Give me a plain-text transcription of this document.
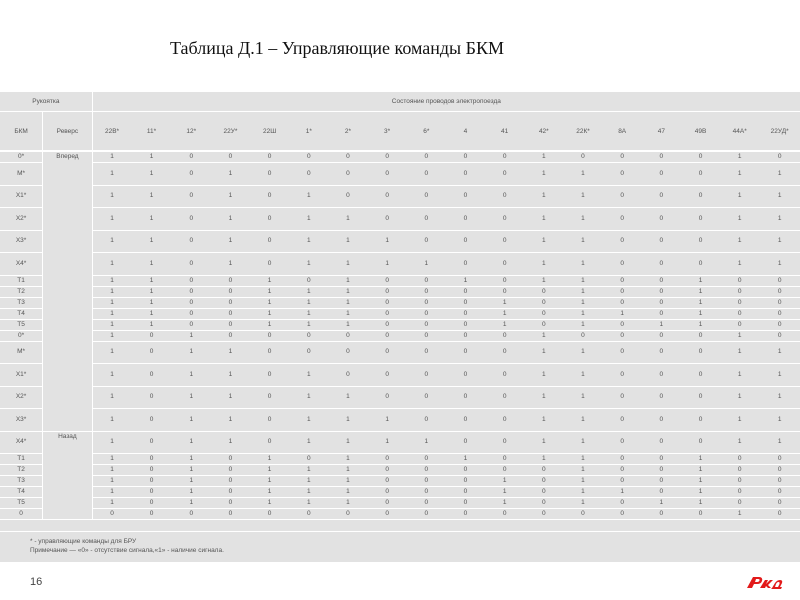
Таблица Д.1 – Управляющие команды БКМ
Рукоятка		Состояние проводов электропоезда																	
БКМ	Реверс	22В*	11*	12*	22У*	22Ш	1*	2*	3*	6*	4	41	42*	22К*	8А	47	49В	44А*	22УД*
0*	Вперед	1	1	0	0	0	0	0	0	0	0	0	1	0	0	0	0	1	0
М*		1	1	0	1	0	0	0	0	0	0	0	1	1	0	0	0	1	1
Х1*		1	1	0	1	0	1	0	0	0	0	0	1	1	0	0	0	1	1
Х2*		1	1	0	1	0	1	1	0	0	0	0	1	1	0	0	0	1	1
Х3*		1	1	0	1	0	1	1	1	0	0	0	1	1	0	0	0	1	1
Х4*		1	1	0	1	0	1	1	1	1	0	0	1	1	0	0	0	1	1
Т1		1	1	0	0	1	0	1	0	0	1	0	1	1	0	0	1	0	0
Т2		1	1	0	0	1	1	1	0	0	0	0	0	1	0	0	1	0	0
Т3		1	1	0	0	1	1	1	0	0	0	1	0	1	0	0	1	0	0
Т4		1	1	0	0	1	1	1	0	0	0	1	0	1	1	0	1	0	0
Т5		1	1	0	0	1	1	1	0	0	0	1	0	1	0	1	1	0	0
0*		1	0	1	0	0	0	0	0	0	0	0	1	0	0	0	0	1	0
М*		1	0	1	1	0	0	0	0	0	0	0	1	1	0	0	0	1	1
Х1*		1	0	1	1	0	1	0	0	0	0	0	1	1	0	0	0	1	1
Х2*		1	0	1	1	0	1	1	0	0	0	0	1	1	0	0	0	1	1
Х3*		1	0	1	1	0	1	1	1	0	0	0	1	1	0	0	0	1	1
Х4*	Назад	1	0	1	1	0	1	1	1	1	0	0	1	1	0	0	0	1	1
Т1		1	0	1	0	1	0	1	0	0	1	0	1	1	0	0	1	0	0
Т2		1	0	1	0	1	1	1	0	0	0	0	0	1	0	0	1	0	0
Т3		1	0	1	0	1	1	1	0	0	0	1	0	1	0	0	1	0	0
Т4		1	0	1	0	1	1	1	0	0	0	1	0	1	1	0	1	0	0
Т5		1	0	1	0	1	1	1	0	0	0	1	0	1	0	1	1	0	0
0		0	0	0	0	0	0	0	0	0	0	0	0	0	0	0	0	1	0
* - управляющие команды для БРУ
Примечание — «0» - отсутствие сигнала,«1» - наличие сигнала.
16
